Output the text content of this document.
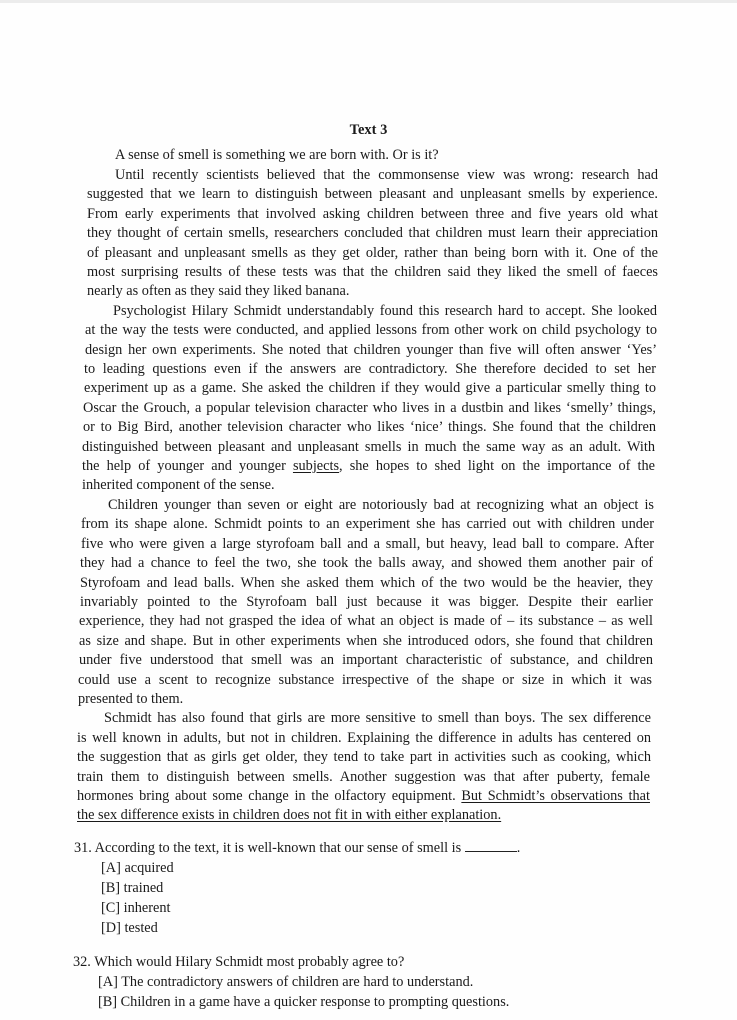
Text 3
A sense of smell is something we are born with. Or is it?
Until recently scientists believed that the commonsense view was wrong: research had
suggested that we learn to distinguish between pleasant and unpleasant smells by experience.
From early experiments that involved asking children between three and five years old what
they thought of certain smells, researchers concluded that children must learn their appreciation
of pleasant and unpleasant smells as they get older, rather than being born with it. One of the
most surprising results of these tests was that the children said they liked the smell of faeces
nearly as often as they said they liked banana.
Psychologist Hilary Schmidt understandably found this research hard to accept. She looked
at the way the tests were conducted, and applied lessons from other work on child psychology to
design her own experiments. She noted that children younger than five will often answer ‘Yes’
to leading questions even if the answers are contradictory. She therefore decided to set her
experiment up as a game. She asked the children if they would give a particular smelly thing to
Oscar the Grouch, a popular television character who lives in a dustbin and likes ‘smelly’ things,
or to Big Bird, another television character who likes ‘nice’ things. She found that the children
distinguished between pleasant and unpleasant smells in much the same way as an adult. With
the help of younger and younger subjects, she hopes to shed light on the importance of the
inherited component of the sense.
Children younger than seven or eight are notoriously bad at recognizing what an object is
from its shape alone. Schmidt points to an experiment she has carried out with children under
five who were given a large styrofoam ball and a small, but heavy, lead ball to compare. After
they had a chance to feel the two, she took the balls away, and showed them another pair of
Styrofoam and lead balls. When she asked them which of the two would be the heavier, they
invariably pointed to the Styrofoam ball just because it was bigger. Despite their earlier
experience, they had not grasped the idea of what an object is made of – its substance – as well
as size and shape. But in other experiments when she introduced odors, she found that children
under five understood that smell was an important characteristic of substance, and children
could use a scent to recognize substance irrespective of the shape or size in which it was
presented to them.
Schmidt has also found that girls are more sensitive to smell than boys. The sex difference
is well known in adults, but not in children. Explaining the difference in adults has centered on
the suggestion that as girls get older, they tend to take part in activities such as cooking, which
train them to distinguish between smells. Another suggestion was that after puberty, female
hormones bring about some change in the olfactory equipment. But Schmidt’s observations that
the sex difference exists in children does not fit in with either explanation.
31. According to the text, it is well-known that our sense of smell is	.
[A] acquired
[B] trained
[C] inherent
[D] tested
32. Which would Hilary Schmidt most probably agree to?
[A] The contradictory answers of children are hard to understand.
[B] Children in a game have a quicker response to prompting questions.
